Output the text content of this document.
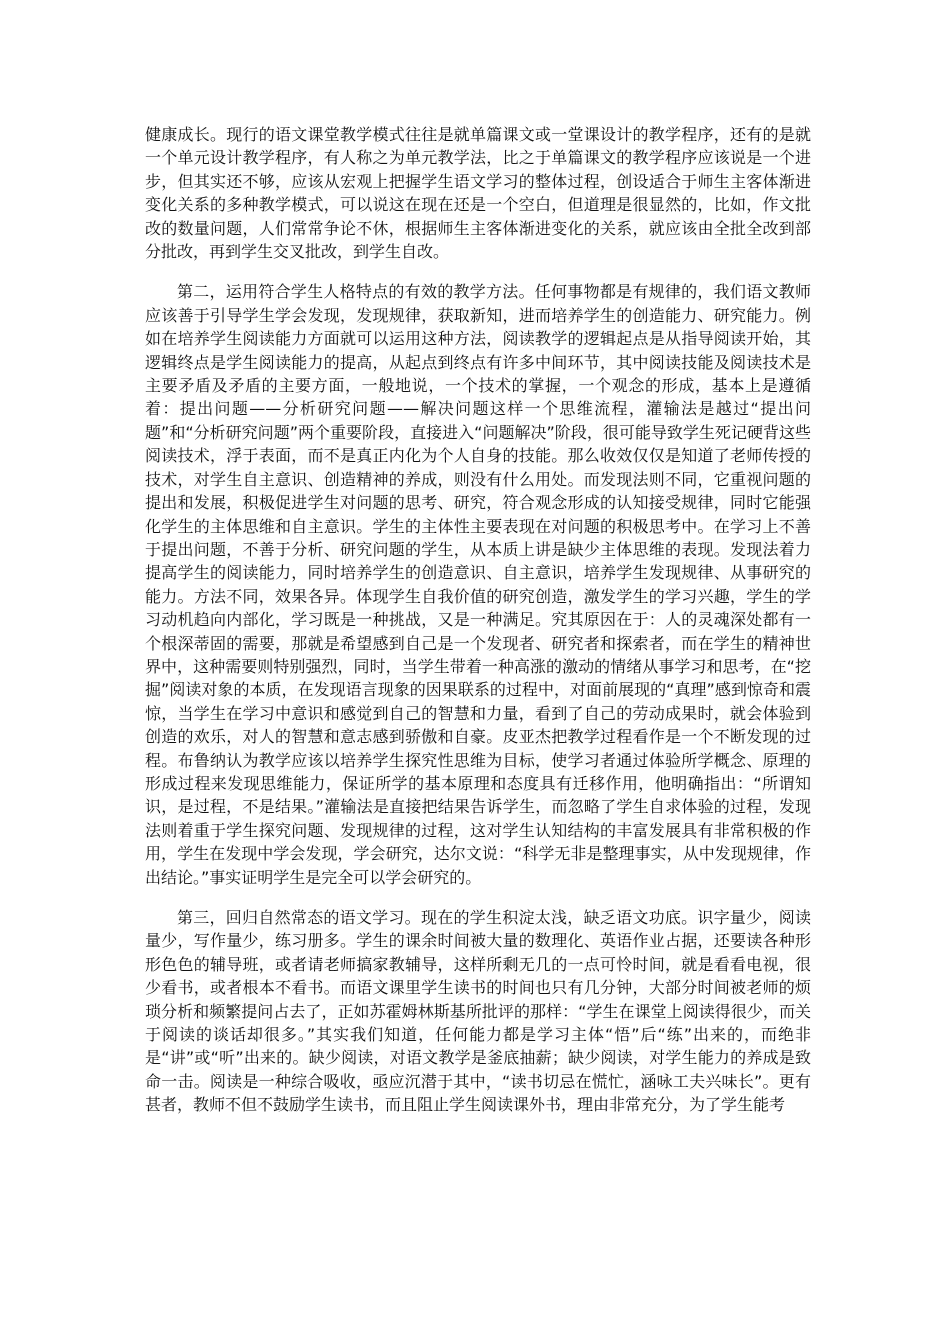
健康成长。现行的语文课堂教学模式往往是就单篇课文或一堂课设计的教学程序，还有的是就一个单元设计教学程序，有人称之为单元教学法，比之于单篇课文的教学程序应该说是一个进步，但其实还不够，应该从宏观上把握学生语文学习的整体过程，创设适合于师生主客体渐进变化关系的多种教学模式，可以说这在现在还是一个空白，但道理是很显然的，比如，作文批改的数量问题，人们常常争论不休，根据师生主客体渐进变化的关系，就应该由全批全改到部分批改，再到学生交叉批改，到学生自改。

第二，运用符合学生人格特点的有效的教学方法。任何事物都是有规律的，我们语文教师应该善于引导学生学会发现，发现规律，获取新知，进而培养学生的创造能力、研究能力。例如在培养学生阅读能力方面就可以运用这种方法，阅读教学的逻辑起点是从指导阅读开始，其逻辑终点是学生阅读能力的提高，从起点到终点有许多中间环节，其中阅读技能及阅读技术是主要矛盾及矛盾的主要方面，一般地说，一个技术的掌握，一个观念的形成，基本上是遵循着：提出问题——分析研究问题——解决问题这样一个思维流程，灌输法是越过“提出问题”和“分析研究问题”两个重要阶段，直接进入“问题解决”阶段，很可能导致学生死记硬背这些阅读技术，浮于表面，而不是真正内化为个人自身的技能。那么收效仅仅是知道了老师传授的技术，对学生自主意识、创造精神的养成，则没有什么用处。而发现法则不同，它重视问题的提出和发展，积极促进学生对问题的思考、研究，符合观念形成的认知接受规律，同时它能强化学生的主体思维和自主意识。学生的主体性主要表现在对问题的积极思考中。在学习上不善于提出问题，不善于分析、研究问题的学生，从本质上讲是缺少主体思维的表现。发现法着力提高学生的阅读能力，同时培养学生的创造意识、自主意识，培养学生发现规律、从事研究的能力。方法不同，效果各异。体现学生自我价值的研究创造，激发学生的学习兴趣，学生的学习动机趋向内部化，学习既是一种挑战，又是一种满足。究其原因在于：人的灵魂深处都有一个根深蒂固的需要，那就是希望感到自己是一个发现者、研究者和探索者，而在学生的精神世界中，这种需要则特别强烈，同时，当学生带着一种高涨的激动的情绪从事学习和思考，在“挖掘”阅读对象的本质，在发现语言现象的因果联系的过程中，对面前展现的“真理”感到惊奇和震惊，当学生在学习中意识和感觉到自己的智慧和力量，看到了自己的劳动成果时，就会体验到创造的欢乐，对人的智慧和意志感到骄傲和自豪。皮亚杰把教学过程看作是一个不断发现的过程。布鲁纳认为教学应该以培养学生探究性思维为目标，使学习者通过体验所学概念、原理的形成过程来发现思维能力，保证所学的基本原理和态度具有迁移作用，他明确指出：“所谓知识，是过程，不是结果。”灌输法是直接把结果告诉学生，而忽略了学生自求体验的过程，发现法则着重于学生探究问题、发现规律的过程，这对学生认知结构的丰富发展具有非常积极的作用，学生在发现中学会发现，学会研究，达尔文说：“科学无非是整理事实，从中发现规律，作出结论。”事实证明学生是完全可以学会研究的。

第三，回归自然常态的语文学习。现在的学生积淀太浅，缺乏语文功底。识字量少，阅读量少，写作量少，练习册多。学生的课余时间被大量的数理化、英语作业占据，还要读各种形形色色的辅导班，或者请老师搞家教辅导，这样所剩无几的一点可怜时间，就是看看电视，很少看书，或者根本不看书。而语文课里学生读书的时间也只有几分钟，大部分时间被老师的烦琐分析和频繁提问占去了，正如苏霍姆林斯基所批评的那样：“学生在课堂上阅读得很少，而关于阅读的谈话却很多。”其实我们知道，任何能力都是学习主体“悟”后“练”出来的，而绝非是“讲”或“听”出来的。缺少阅读，对语文教学是釜底抽薪；缺少阅读，对学生能力的养成是致命一击。阅读是一种综合吸收，亟应沉潜于其中，“读书切忌在慌忙，涵咏工夫兴味长”。更有甚者，教师不但不鼓励学生读书，而且阻止学生阅读课外书，理由非常充分，为了学生能考
